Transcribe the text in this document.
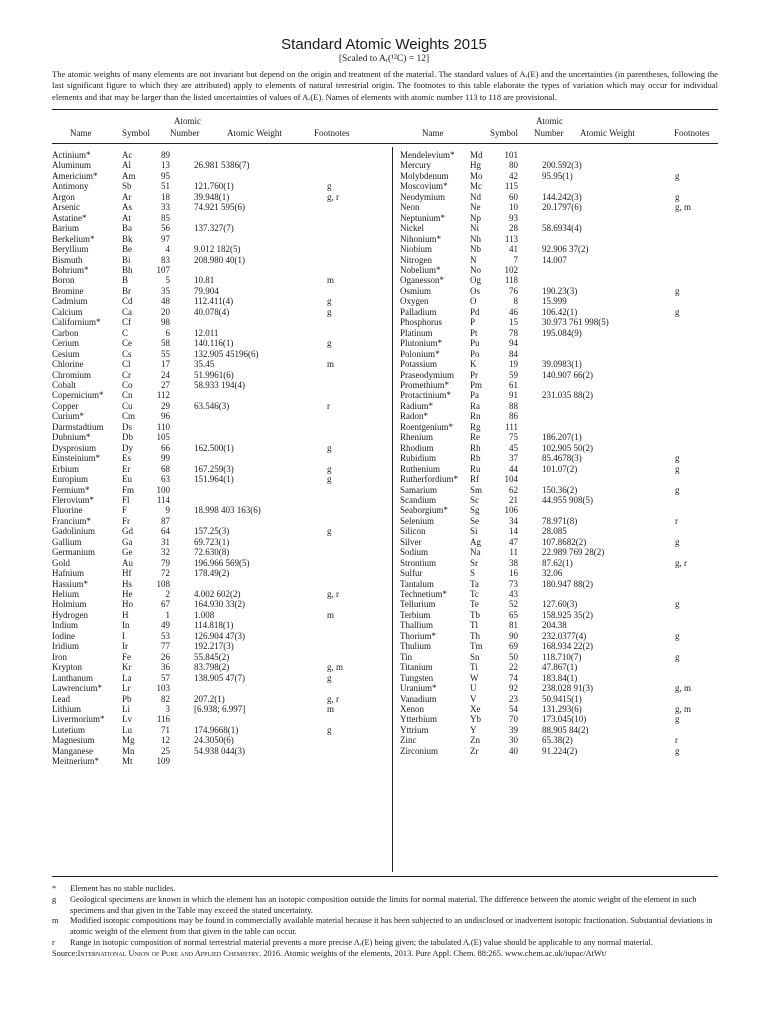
Standard Atomic Weights 2015
[Scaled to Aᵣ(¹²C) = 12]
The atomic weights of many elements are not invariant but depend on the origin and treatment of the material. The standard values of Aᵣ(E) and the uncertainties (in parentheses, following the last significant figure to which they are attributed) apply to elements of natural terrestrial origin. The footnotes to this table elaborate the types of variation which may occur for individual elements and that may be larger than the listed uncertainties of values of Aᵣ(E). Names of elements with atomic number 113 to 118 are provisional.
Name	Symbol
Atomic
Number	Atomic Weight	Footnotes	Name	Symbol
Atomic
Number Atomic Weight	Footnotes
Actinium*	Ac	89		
Aluminum	Al	13	26.981 5386(7)	
Americium*	Am	95		
Antimony	Sb	51	121.760(1)	g
Argon	Ar	18	39.948(1)	g, r
Arsenic	As	33	74.921 595(6)	
Astatine*	At	85		
Barium	Ba	56	137.327(7)	
Berkelium*	Bk	97		
Beryllium	Be	4	9.012 182(5)	
Bismuth	Bi	83	208.980 40(1)	
Bohrium*	Bh	107		
Boron	B	5	10.81	m
Bromine	Br	35	79.904	
Cadmium	Cd	48	112.411(4)	g
Calcium	Ca	20	40.078(4)	g
Californium*	Cf	98		
Carbon	C	6	12.011	
Cerium	Ce	58	140.116(1)	g
Cesium	Cs	55	132.905 45196(6)	
Chlorine	Cl	17	35.45	m
Chromium	Cr	24	51.9961(6)	
Cobalt	Co	27	58.933 194(4)	
Copernicium*	Cn	112		
Copper	Cu	29	63.546(3)	r
Curium*	Cm	96		
Darmstadtium	Ds	110		
Dubnium*	Db	105		
Dysprosium	Dy	66	162.500(1)	g
Einsteinium*	Es	99		
Erbium	Er	68	167.259(3)	g
Europium	Eu	63	151.964(1)	g
Fermium*	Fm	100		
Flerovium*	Fl	114		
Fluorine	F	9	18.998 403 163(6)	
Francium*	Fr	87		
Gadolinium	Gd	64	157.25(3)	g
Gallium	Ga	31	69.723(1)	
Germanium	Ge	32	72.630(8)	
Gold	Au	79	196.966 569(5)	
Hafnium	Hf	72	178.49(2)	
Hassium*	Hs	108		
Helium	He	2	4.002 602(2)	g, r
Holmium	Ho	67	164.930 33(2)	
Hydrogen	H	1	1.008	m
Indium	In	49	114.818(1)	
Iodine	I	53	126.904 47(3)	
Iridium	Ir	77	192.217(3)	
Iron	Fe	26	55.845(2)	
Krypton	Kr	36	83.798(2)	g, m
Lanthanum	La	57	138.905 47(7)	g
Lawrencium*	Lr	103		
Lead	Pb	82	207.2(1)	g, r
Lithium	Li	3	[6.938; 6.997]	m
Livermorium*	Lv	116		
Lutetium	Lu	71	174.9668(1)	g
Magnesium	Mg	12	24.3050(6)	
Manganese	Mn	25	54.938 044(3)	
Meitnerium*	Mt	109		
Mendelevium*	Md	101		
Mercury	Hg	80	200.592(3)	
Molybdenum	Mo	42	95.95(1)	g
Moscovium*	Mc	115		
Neodymium	Nd	60	144.242(3)	g
Neon	Ne	10	20.1797(6)	g, m
Neptunium*	Np	93		
Nickel	Ni	28	58.6934(4)	
Nihonium*	Nh	113		
Niobium	Nb	41	92.906 37(2)	
Nitrogen	N	7	14.007	
Nobelium*	No	102		
Oganesson*	Og	118		
Osmium	Os	76	190.23(3)	g
Oxygen	O	8	15.999	
Palladium	Pd	46	106.42(1)	g
Phosphorus	P	15	30.973 761 998(5)	
Platinum	Pt	78	195.084(9)	
Plutonium*	Pu	94		
Polonium*	Po	84		
Potassium	K	19	39.0983(1)	
Praseodymium	Pr	59	140.907 66(2)	
Promethium*	Pm	61		
Protactinium*	Pa	91	231.035 88(2)	
Radium*	Ra	88		
Radon*	Rn	86		
Roentgenium*	Rg	111		
Rhenium	Re	75	186.207(1)	
Rhodium	Rh	45	102.905 50(2)	
Rubidium	Rb	37	85.4678(3)	g
Ruthenium	Ru	44	101.07(2)	g
Rutherfordium*	Rf	104		
Samarium	Sm	62	150.36(2)	g
Scandium	Sc	21	44.955 908(5)	
Seaborgium*	Sg	106		
Selenium	Se	34	78.971(8)	r
Silicon	Si	14	28.085	
Silver	Ag	47	107.8682(2)	g
Sodium	Na	11	22.989 769 28(2)	
Strontium	Sr	38	87.62(1)	g, r
Sulfur	S	16	32.06	
Tantalum	Ta	73	180.947 88(2)	
Technetium*	Tc	43		
Tellurium	Te	52	127.60(3)	g
Terbium	Tb	65	158.925 35(2)	
Thallium	Tl	81	204.38	
Thorium*	Th	90	232.0377(4)	g
Thulium	Tm	69	168.934 22(2)	
Tin	Sn	50	118.710(7)	g
Titanium	Ti	22	47.867(1)	
Tungsten	W	74	183.84(1)	
Uranium*	U	92	238.028 91(3)	g, m
Vanadium	V	23	50.9415(1)	
Xenon	Xe	54	131.293(6)	g, m
Ytterbium	Yb	70	173.045(10)	g
Yttrium	Y	39	88.905 84(2)	
Zinc	Zn	30	65.38(2)	r
Zirconium	Zr	40	91.224(2)	g
*	Element has no stable nuclides.
g	Geological specimens are known in which the element has an isotopic composition outside the limits for normal material. The difference between the atomic weight of the element in such specimens and that given in the Table may exceed the stated uncertainty.
m	Modified isotopic compositions may be found in commercially available material because it has been subjected to an undisclosed or inadvertent isotopic fractionation. Substantial deviations in atomic weight of the element from that given in the table can occur.
r	Range in isotopic composition of normal terrestrial material prevents a more precise Aᵣ(E) being given; the tabulated Aᵣ(E) value should be applicable to any normal material.
Source:International Union of Pure and Applied Chemistry. 2016. Atomic weights of the elements, 2013. Pure Appl. Chem. 88:265. www.chem.ac.uk/iupac/AtWt/
